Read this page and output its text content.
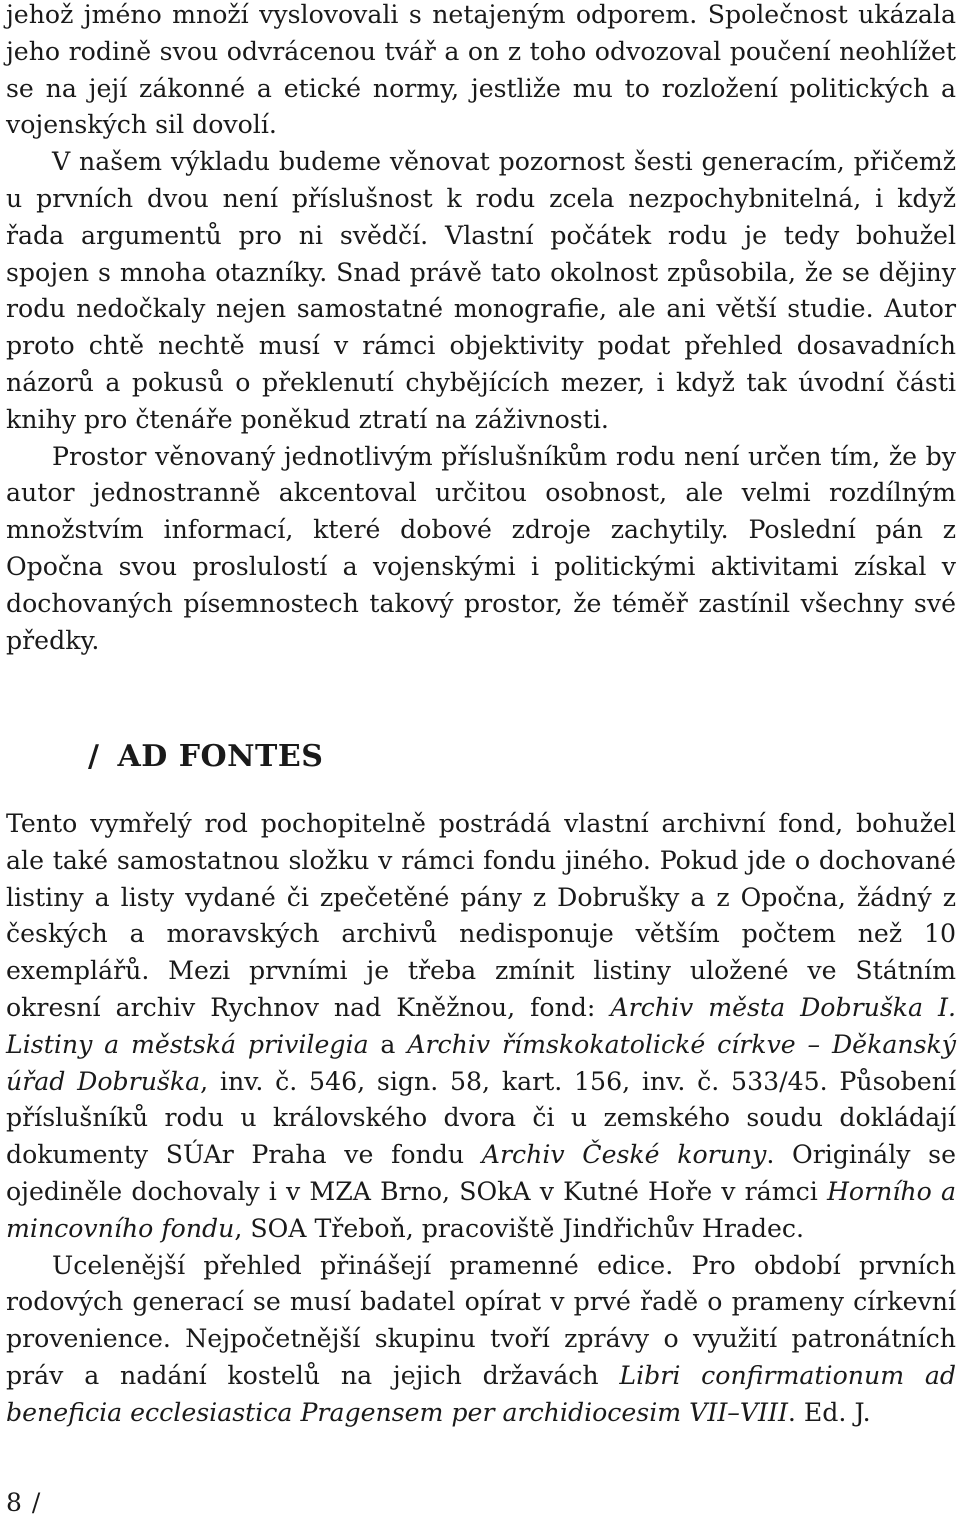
jehož jméno množí vyslovovali s netajeným odporem. Společnost ukázala jeho rodině svou odvrácenou tvář a on z toho odvozoval poučení neohlížet se na její zákonné a etické normy, jestliže mu to rozložení politických a vojenských sil dovolí.

V našem výkladu budeme věnovat pozornost šesti generacím, přičemž u prvních dvou není příslušnost k rodu zcela nezpochybnitelná, i když řada argumentů pro ni svědčí. Vlastní počátek rodu je tedy bohužel spojen s mnoha otazníky. Snad právě tato okolnost způsobila, že se dějiny rodu nedočkaly nejen samostatné monografie, ale ani větší studie. Autor proto chtě nechtě musí v rámci objektivity podat přehled dosavadních názorů a pokusů o překlenutí chybějících mezer, i když tak úvodní části knihy pro čtenáře poněkud ztratí na záživnosti.

Prostor věnovaný jednotlivým příslušníkům rodu není určen tím, že by autor jednostranně akcentoval určitou osobnost, ale velmi rozdílným množstvím informací, které dobové zdroje zachytily. Poslední pán z Opočna svou proslulostí a vojenskými i politickými aktivitami získal v dochovaných písemnostech takový prostor, že téměř zastínil všechny své předky.

/ AD FONTES

Tento vymřelý rod pochopitelně postrádá vlastní archivní fond, bohužel ale také samostatnou složku v rámci fondu jiného. Pokud jde o dochované listiny a listy vydané či zpečetěné pány z Dobrušky a z Opočna, žádný z českých a moravských archivů nedisponuje větším počtem než 10 exemplářů. Mezi prvními je třeba zmínit listiny uložené ve Státním okresní archiv Rychnov nad Kněžnou, fond: Archiv města Dobruška I. Listiny a městská privilegia a Archiv římskokatolické církve – Děkanský úřad Dobruška, inv. č. 546, sign. 58, kart. 156, inv. č. 533/45. Působení příslušníků rodu u královského dvora či u zemského soudu dokládají dokumenty SÚAr Praha ve fondu Archiv České koruny. Originály se ojediněle dochovaly i v MZA Brno, SOkA v Kutné Hoře v rámci Horního a mincovního fondu, SOA Třeboň, pracoviště Jindřichův Hradec.

Ucelenější přehled přinášejí pramenné edice. Pro období prvních rodových generací se musí badatel opírat v prvé řadě o prameny církevní provenience. Nejpočetnější skupinu tvoří zprávy o využití patronátních práv a nadání kostelů na jejich državách Libri confirmationum ad beneficia ecclesiastica Pragensem per archidiocesim VII–VIII. Ed. J.

8 /
